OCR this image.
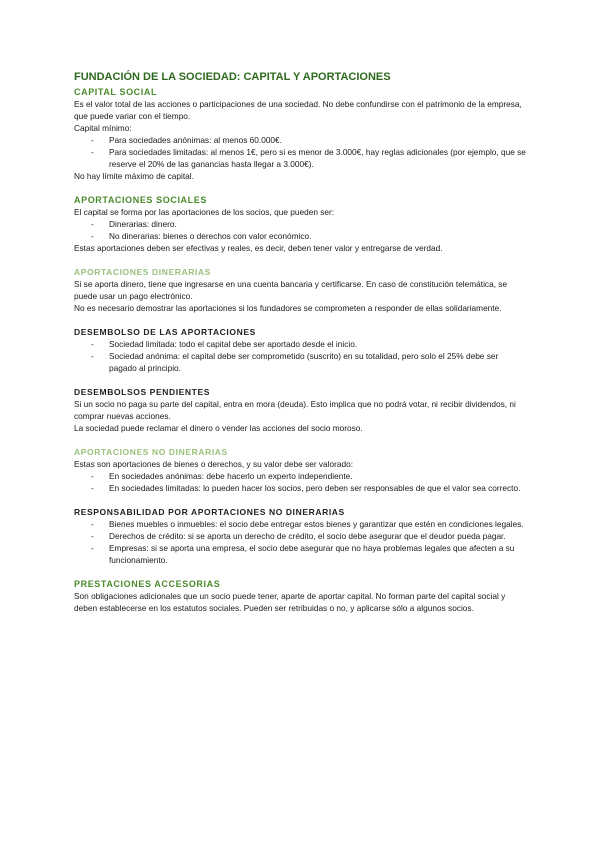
FUNDACIÓN DE LA SOCIEDAD: CAPITAL Y APORTACIONES
CAPITAL SOCIAL

Es el valor total de las acciones o participaciones de una sociedad. No debe confundirse con el patrimonio de la empresa, que puede variar con el tiempo.

Capital mínimo:

- Para sociedades anónimas: al menos 60.000€.
- Para sociedades limitadas: al menos 1€, pero si es menor de 3.000€, hay reglas adicionales (por ejemplo, que se reserve el 20% de las ganancias hasta llegar a 3.000€).

No hay límite máximo de capital.

APORTACIONES SOCIALES

El capital se forma por las aportaciones de los socios, que pueden ser:

- Dinerarias: dinero.
- No dinerarias: bienes o derechos con valor económico.

Estas aportaciones deben ser efectivas y reales, es decir, deben tener valor y entregarse de verdad.

APORTACIONES DINERARIAS

Si se aporta dinero, tiene que ingresarse en una cuenta bancaria y certificarse. En caso de constitución telemática, se puede usar un pago electrónico.

No es necesario demostrar las aportaciones si los fundadores se comprometen a responder de ellas solidariamente.

DESEMBOLSO DE LAS APORTACIONES
- Sociedad limitada: todo el capital debe ser aportado desde el inicio.
- Sociedad anónima: el capital debe ser comprometido (suscrito) en su totalidad, pero solo el 25% debe ser pagado al principio.
DESEMBOLSOS PENDIENTES

Si un socio no paga su parte del capital, entra en mora (deuda). Esto implica que no podrá votar, ni recibir dividendos, ni comprar nuevas acciones.

La sociedad puede reclamar el dinero o vender las acciones del socio moroso.

APORTACIONES NO DINERARIAS

Estas son aportaciones de bienes o derechos, y su valor debe ser valorado:

- En sociedades anónimas: debe hacerlo un experto independiente.
- En sociedades limitadas: lo pueden hacer los socios, pero deben ser responsables de que el valor sea correcto.
RESPONSABILIDAD POR APORTACIONES NO DINERARIAS
- Bienes muebles o inmuebles: el socio debe entregar estos bienes y garantizar que estén en condiciones legales.
- Derechos de crédito: si se aporta un derecho de crédito, el socio debe asegurar que el deudor pueda pagar.
- Empresas: si se aporta una empresa, el socio debe asegurar que no haya problemas legales que afecten a su funcionamiento.
PRESTACIONES ACCESORIAS

Son obligaciones adicionales que un socio puede tener, aparte de aportar capital. No forman parte del capital social y deben establecerse en los estatutos sociales. Pueden ser retribuidas o no, y aplicarse sólo a algunos socios.
